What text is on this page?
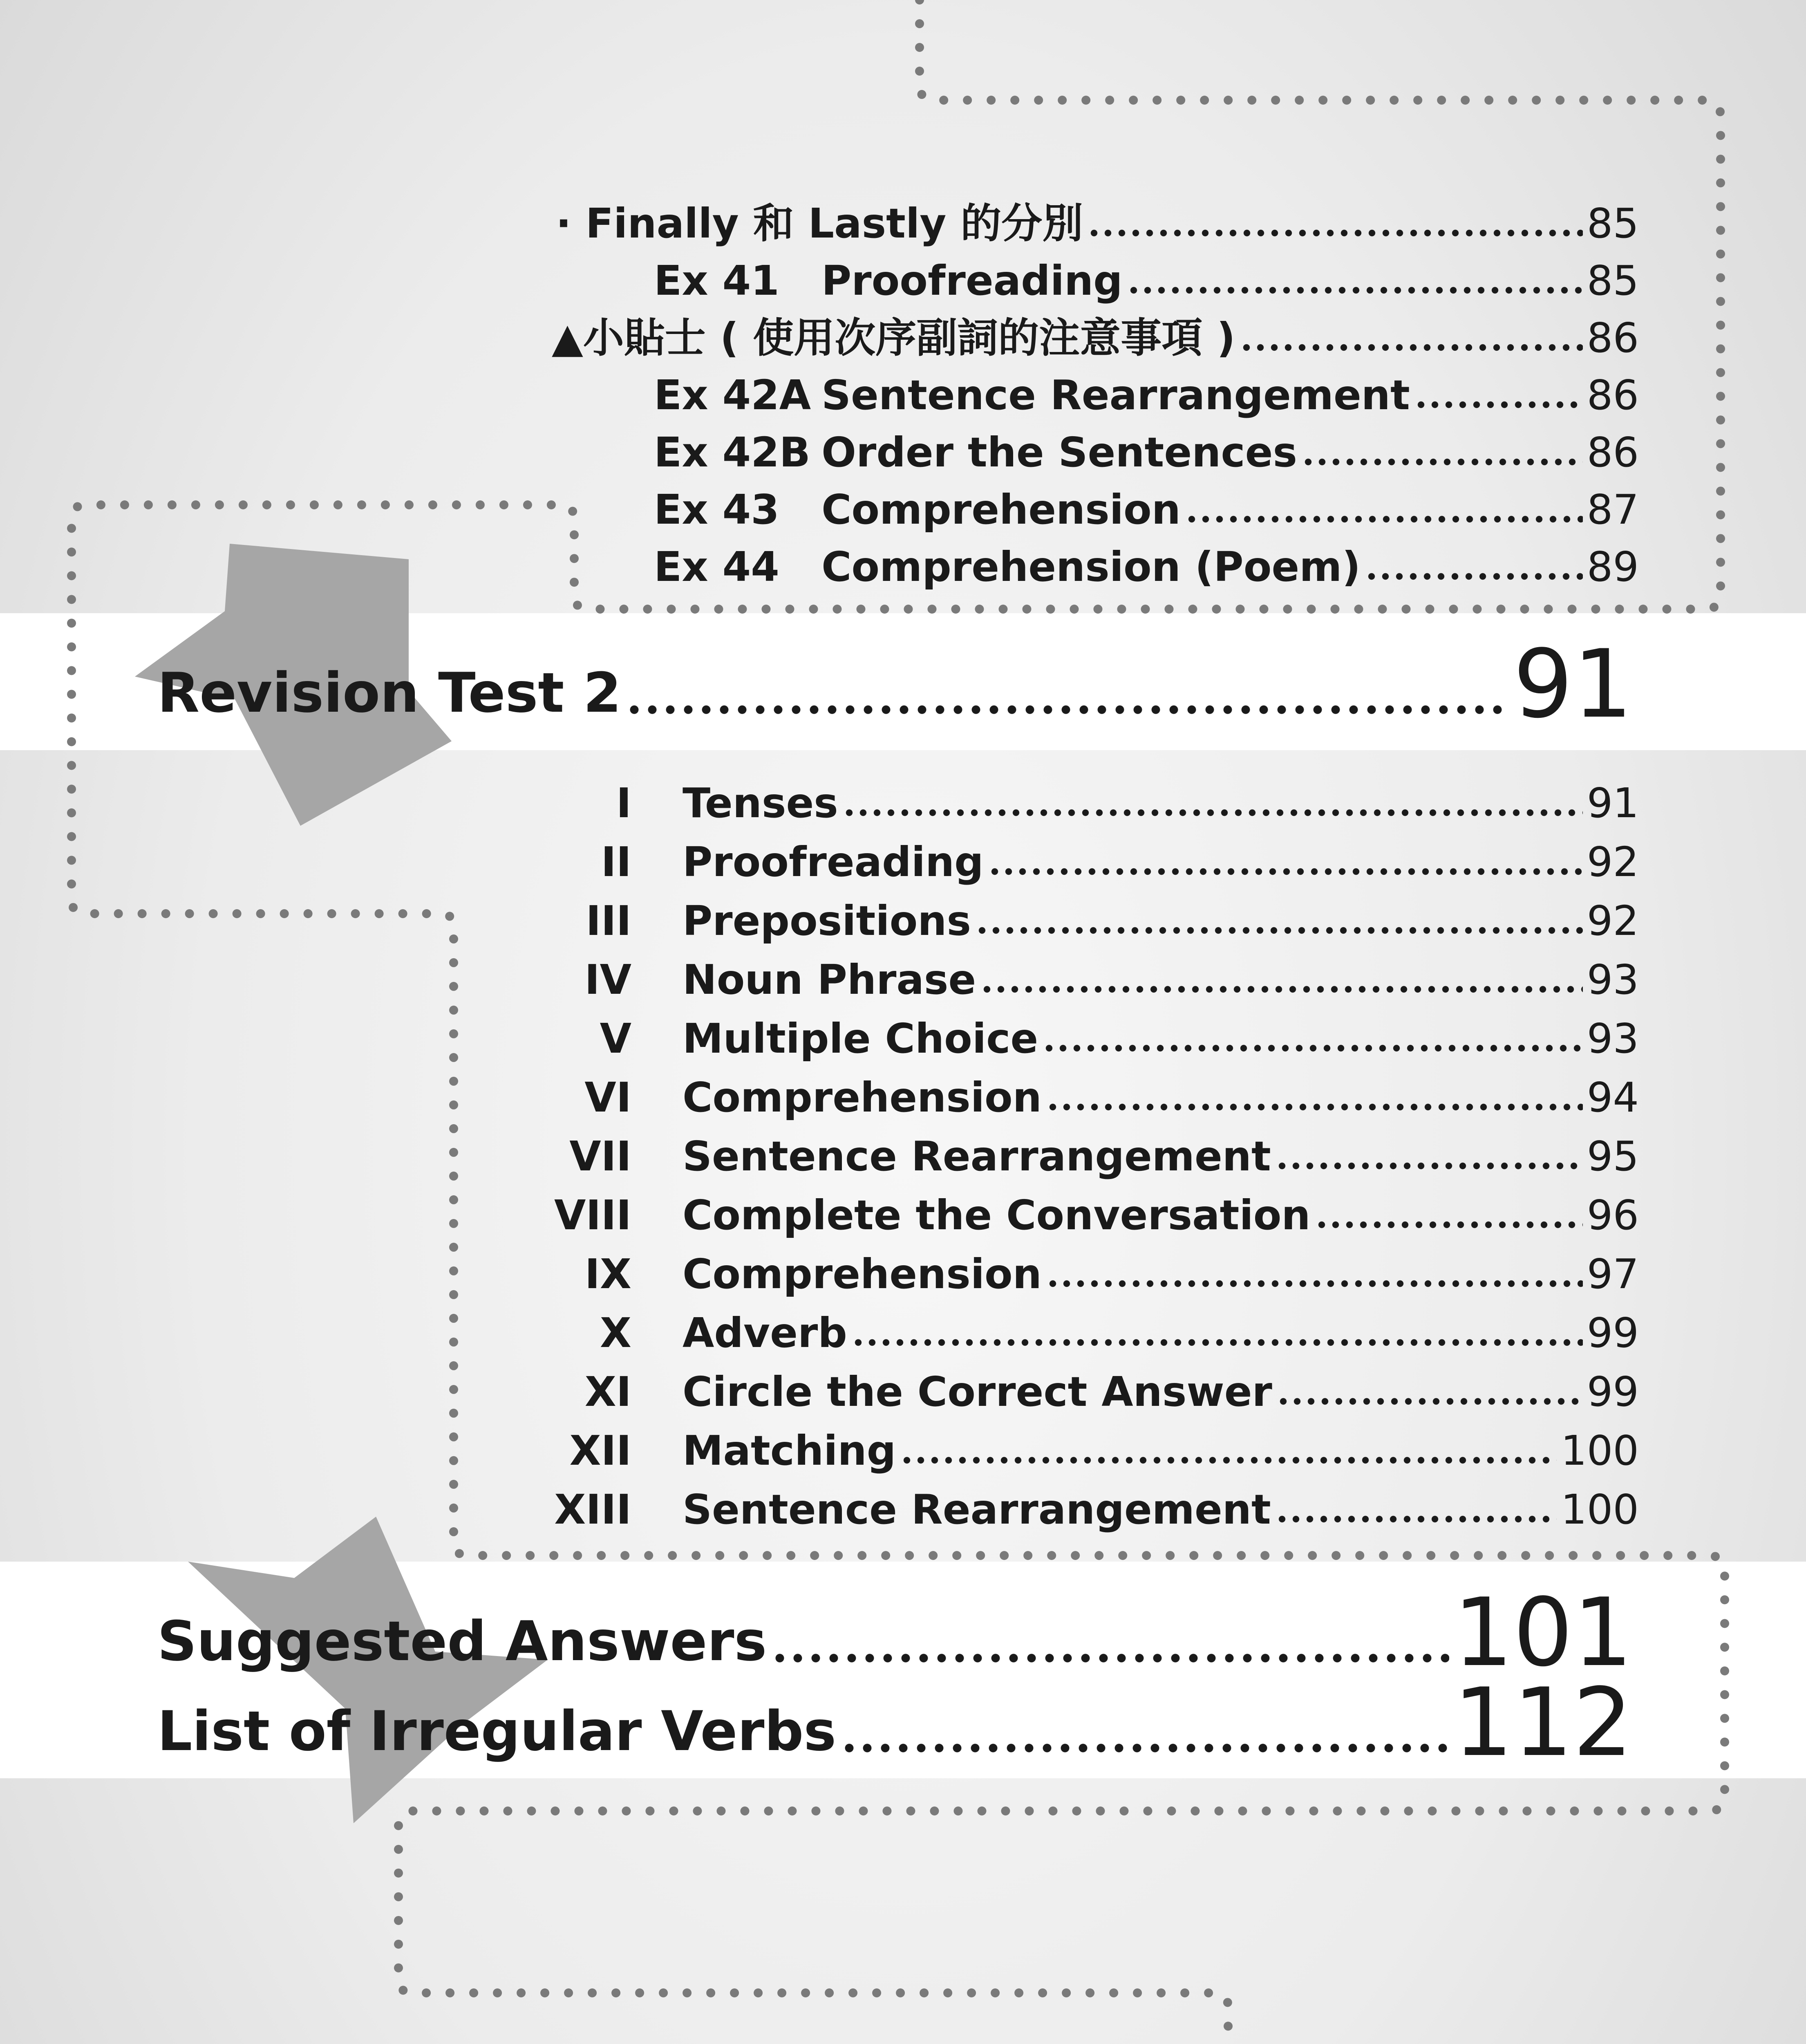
· Finally 和 Lastly 的分別	85
Ex 41	Proofreading	85
▲小貼士 ( 使用次序副詞的注意事項 )	86
Ex 42A Sentence Rearrangement	86
Ex 42B Order the Sentences	86
Ex 43	Comprehension	87
Ex 44	Comprehension (Poem)	89
Revision Test 2	91
I Tenses	91
II Proofreading	92
III Prepositions	92
IV Noun Phrase	93
V Multiple Choice	93
VI Comprehension	94
VII Sentence Rearrangement	95
VIII Complete the Conversation	96
IX Comprehension	97
X Adverb	99
XI Circle the Correct Answer	99
XII Matching	100
XIII Sentence Rearrangement	100
Suggested Answers	101
List of Irregular Verbs	112
